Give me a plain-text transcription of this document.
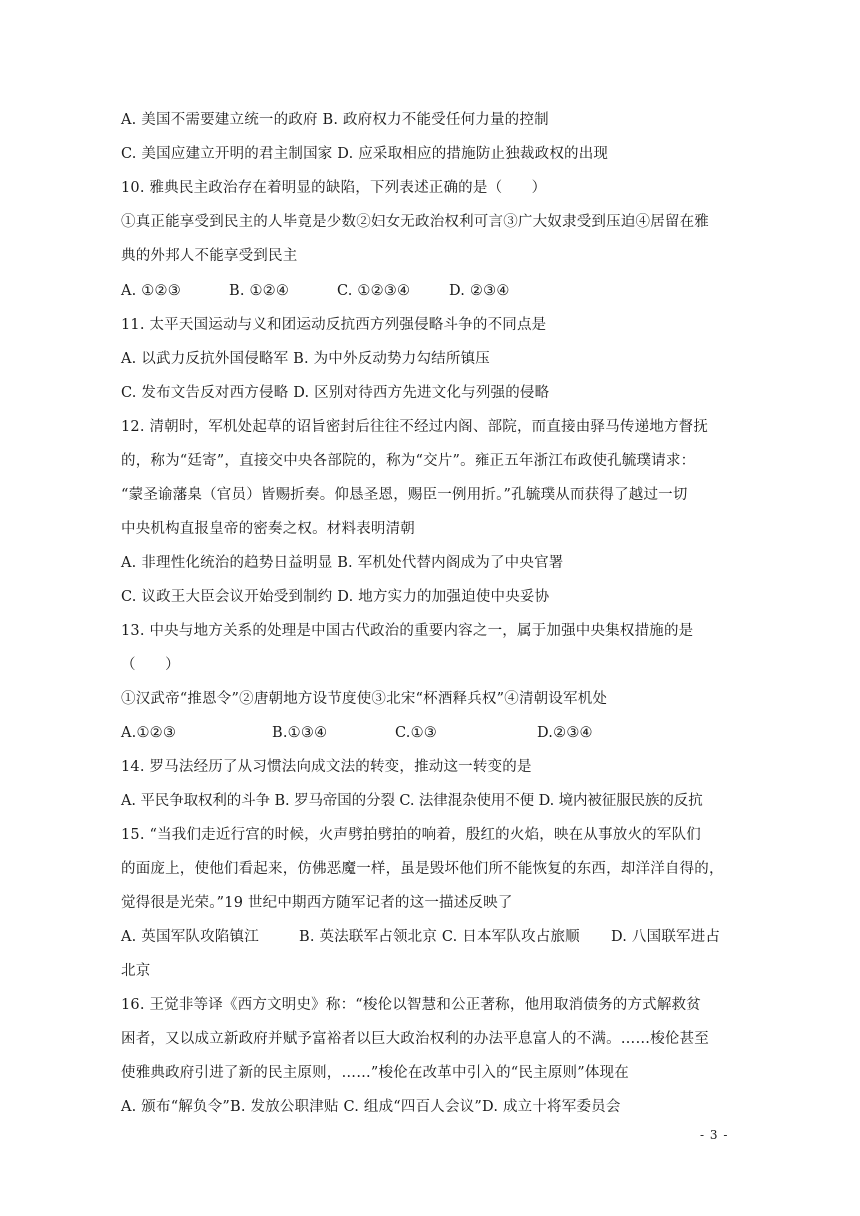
A. 美国不需要建立统一的政府 B. 政府权力不能受任何力量的控制
C. 美国应建立开明的君主制国家 D. 应采取相应的措施防止独裁政权的出现
10. 雅典民主政治存在着明显的缺陷，下列表述正确的是（　　）
①真正能享受到民主的人毕竟是少数②妇女无政治权利可言③广大奴隶受到压迫④居留在雅
典的外邦人不能享受到民主
A. ①②③	B. ①②④	C. ①②③④	D. ②③④
11. 太平天国运动与义和团运动反抗西方列强侵略斗争的不同点是
A. 以武力反抗外国侵略军 B. 为中外反动势力勾结所镇压
C. 发布文告反对西方侵略 D. 区别对待西方先进文化与列强的侵略
12. 清朝时，军机处起草的诏旨密封后往往不经过内阁、部院，而直接由驿马传递地方督抚
的，称为“廷寄”，直接交中央各部院的，称为“交片”。雍正五年浙江布政使孔毓璞请求：
“蒙圣谕藩臬（官员）皆赐折奏。仰恳圣恩，赐臣一例用折。”孔毓璞从而获得了越过一切
中央机构直报皇帝的密奏之权。材料表明清朝
A. 非理性化统治的趋势日益明显 B. 军机处代替内阁成为了中央官署
C. 议政王大臣会议开始受到制约 D. 地方实力的加强迫使中央妥协
13. 中央与地方关系的处理是中国古代政治的重要内容之一，属于加强中央集权措施的是
（　　）
①汉武帝“推恩令”②唐朝地方设节度使③北宋“杯酒释兵权”④清朝设军机处
A.①②③	B.①③④	C.①③	D.②③④
14. 罗马法经历了从习惯法向成文法的转变，推动这一转变的是
A. 平民争取权利的斗争 B. 罗马帝国的分裂 C. 法律混杂使用不便 D. 境内被征服民族的反抗
15. “当我们走近行宫的时候，火声劈拍劈拍的响着，殷红的火焰，映在从事放火的军队们
的面庞上，使他们看起来，仿佛恶魔一样，虽是毁坏他们所不能恢复的东西，却洋洋自得的，
觉得很是光荣。”19 世纪中期西方随军记者的这一描述反映了
A. 英国军队攻陷镇江	B. 英法联军占领北京 C. 日本军队攻占旅顺 D. 八国联军进占
北京
16. 王觉非等译《西方文明史》称：“梭伦以智慧和公正著称，他用取消债务的方式解救贫
困者，又以成立新政府并赋予富裕者以巨大政治权利的办法平息富人的不满。……梭伦甚至
使雅典政府引进了新的民主原则，……”梭伦在改革中引入的“民主原则”体现在
A. 颁布“解负令”B. 发放公职津贴 C. 组成“四百人会议”D. 成立十将军委员会
- 3 -
